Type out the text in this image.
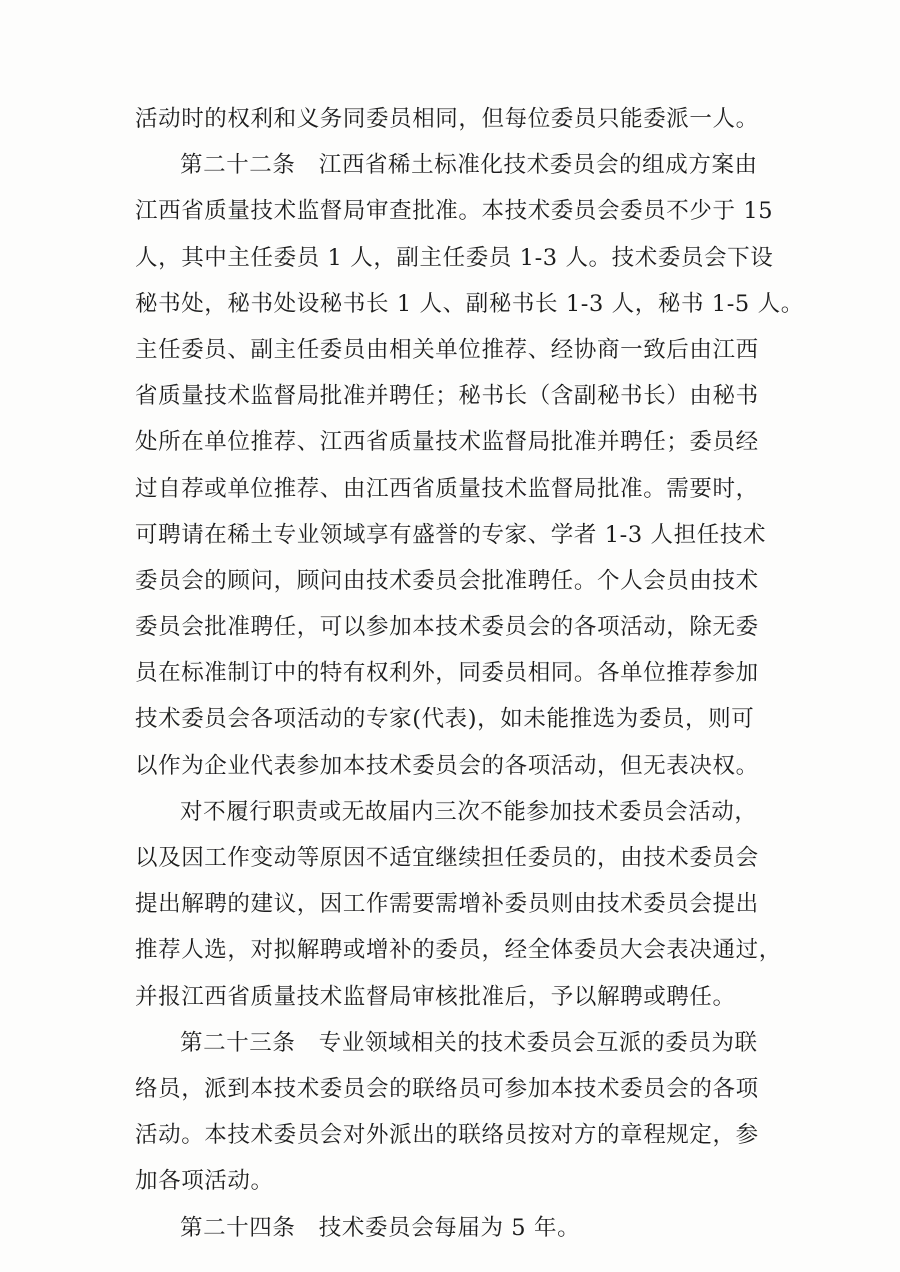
活动时的权利和义务同委员相同，但每位委员只能委派一人。
第二十二条   江西省稀土标准化技术委员会的组成方案由
江西省质量技术监督局审查批准。本技术委员会委员不少于 15
人，其中主任委员 1 人，副主任委员 1-3 人。技术委员会下设
秘书处，秘书处设秘书长 1 人、副秘书长 1-3 人，秘书 1-5 人。
主任委员、副主任委员由相关单位推荐、经协商一致后由江西
省质量技术监督局批准并聘任；秘书长（含副秘书长）由秘书
处所在单位推荐、江西省质量技术监督局批准并聘任；委员经
过自荐或单位推荐、由江西省质量技术监督局批准。需要时，
可聘请在稀土专业领域享有盛誉的专家、学者 1-3 人担任技术
委员会的顾问，顾问由技术委员会批准聘任。个人会员由技术
委员会批准聘任，可以参加本技术委员会的各项活动，除无委
员在标准制订中的特有权利外，同委员相同。各单位推荐参加
技术委员会各项活动的专家(代表)，如未能推选为委员，则可
以作为企业代表参加本技术委员会的各项活动，但无表决权。
对不履行职责或无故届内三次不能参加技术委员会活动，
以及因工作变动等原因不适宜继续担任委员的，由技术委员会
提出解聘的建议，因工作需要需增补委员则由技术委员会提出
推荐人选，对拟解聘或增补的委员，经全体委员大会表决通过，
并报江西省质量技术监督局审核批准后，予以解聘或聘任。
第二十三条   专业领域相关的技术委员会互派的委员为联
络员，派到本技术委员会的联络员可参加本技术委员会的各项
活动。本技术委员会对外派出的联络员按对方的章程规定，参
加各项活动。
第二十四条   技术委员会每届为 5 年。
